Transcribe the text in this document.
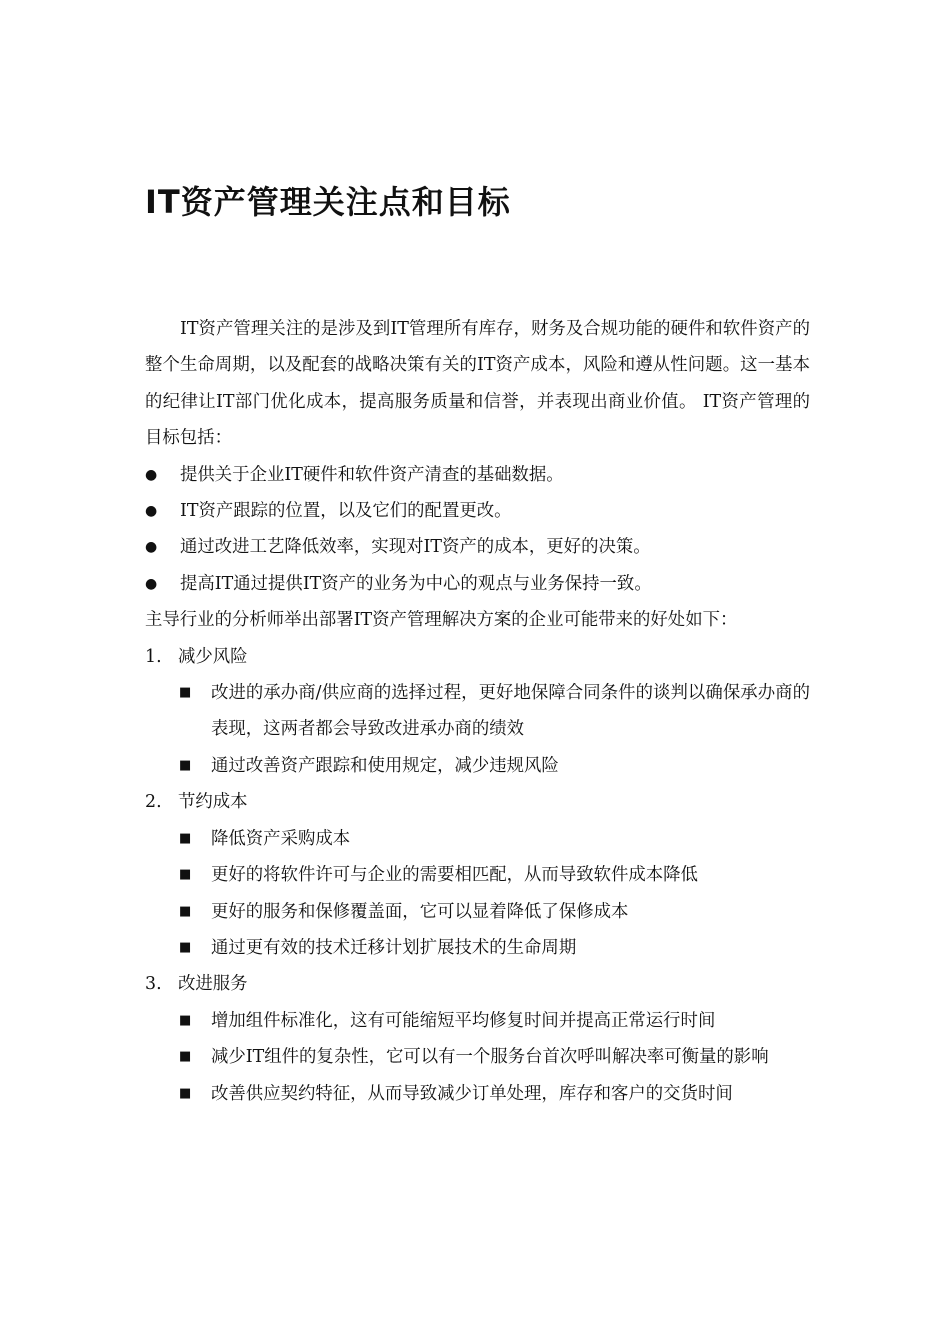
IT资产管理关注点和目标

IT资产管理关注的是涉及到IT管理所有库存，财务及合规功能的硬件和软件资产的整个生命周期，以及配套的战略决策有关的IT资产成本，风险和遵从性问题。这一基本的纪律让IT部门优化成本，提高服务质量和信誉，并表现出商业价值。 IT资产管理的目标包括：

●	提供关于企业IT硬件和软件资产清查的基础数据。
●	IT资产跟踪的位置，以及它们的配置更改。
●	通过改进工艺降低效率，实现对IT资产的成本，更好的决策。
●	提高IT通过提供IT资产的业务为中心的观点与业务保持一致。

主导行业的分析师举出部署IT资产管理解决方案的企业可能带来的好处如下：

1. 减少风险
■	改进的承办商/供应商的选择过程，更好地保障合同条件的谈判以确保承办商的表现，这两者都会导致改进承办商的绩效
■	通过改善资产跟踪和使用规定，减少违规风险
2. 节约成本
■	降低资产采购成本
■	更好的将软件许可与企业的需要相匹配，从而导致软件成本降低
■	更好的服务和保修覆盖面，它可以显着降低了保修成本
■	通过更有效的技术迁移计划扩展技术的生命周期
3. 改进服务
■	增加组件标准化，这有可能缩短平均修复时间并提高正常运行时间
■	减少IT组件的复杂性，它可以有一个服务台首次呼叫解决率可衡量的影响
■	改善供应契约特征，从而导致减少订单处理，库存和客户的交货时间
